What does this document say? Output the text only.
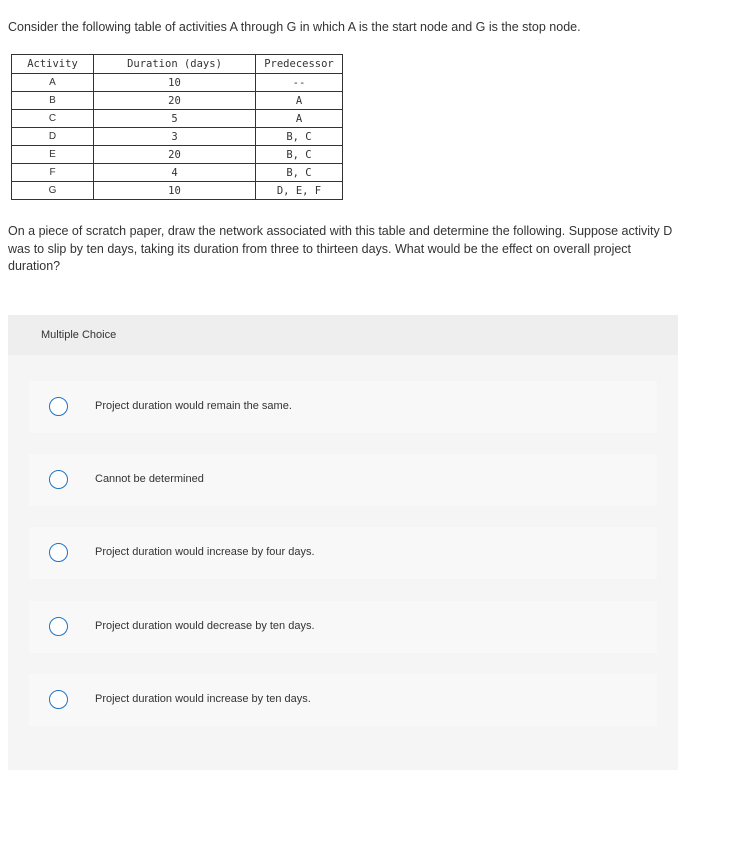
Consider the following table of activities A through G in which A is the start node and G is the stop node.
Activity	Duration (days)	Predecessor
A	10	--
B	20	A
C	5	A
D	3	B, C
E	20	B, C
F	4	B, C
G	10	D, E, F
On a piece of scratch paper, draw the network associated with this table and determine the following. Suppose activity D was to slip by ten days, taking its duration from three to thirteen days. What would be the effect on overall project duration?
Multiple Choice
Project duration would remain the same.
Cannot be determined
Project duration would increase by four days.
Project duration would decrease by ten days.
Project duration would increase by ten days.
